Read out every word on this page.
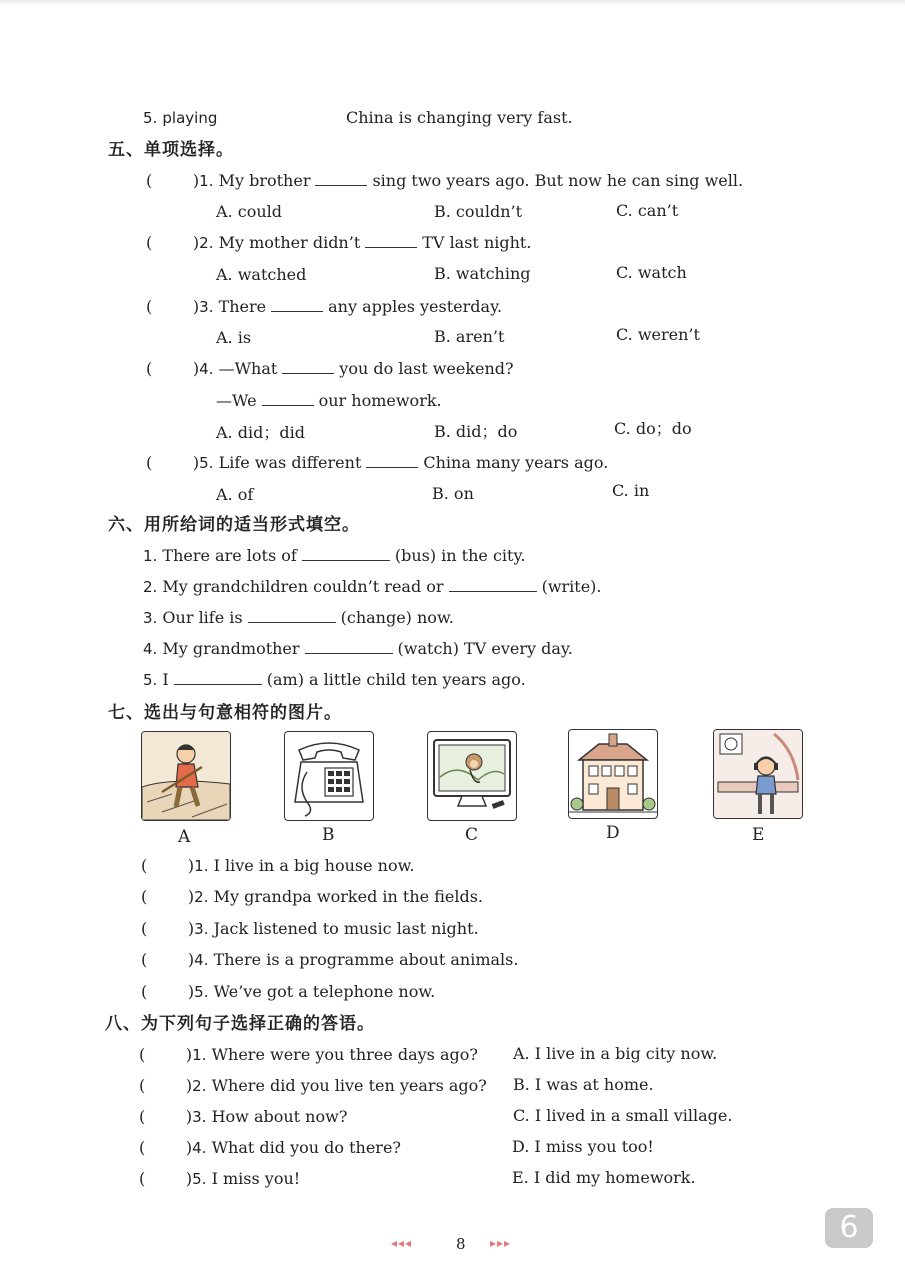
5. playing	China is changing very fast.
五、单项选择。
(        )1. My brother	sing two years ago. But now he can sing well.
A. could	B. couldn’t	C. can’t
(        )2. My mother didn’t	TV last night.
A. watched	B. watching	C. watch
(        )3. There	any apples yesterday.
A. is	B. aren’t	C. weren’t
(        )4. —What	you do last weekend?
—We	our homework.
A. did；did	B. did；do	C. do；do
(        )5. Life was different	China many years ago.
A. of	B. on	C. in
六、用所给词的适当形式填空。
1. There are lots of	(bus) in the city.
2. My grandchildren couldn’t read or	(write).
3. Our life is	(change) now.
4. My grandmother	(watch) TV every day.
5. I	(am) a little child ten years ago.
七、选出与句意相符的图片。
A	B	C	D	E
(        )1. I live in a big house now.
(        )2. My grandpa worked in the fields.
(        )3. Jack listened to music last night.
(        )4. There is a programme about animals.
(        )5. We’ve got a telephone now.
八、为下列句子选择正确的答语。
(        )1. Where were you three days ago? A. I live in a big city now.
(        )2. Where did you live ten years ago? B. I was at home.
(        )3. How about now?	C. I lived in a small village.
(        )4. What did you do there?	D. I miss you too!
(        )5. I miss you!	E. I did my homework.
◂◂◂	8 ▸▸▸	6
